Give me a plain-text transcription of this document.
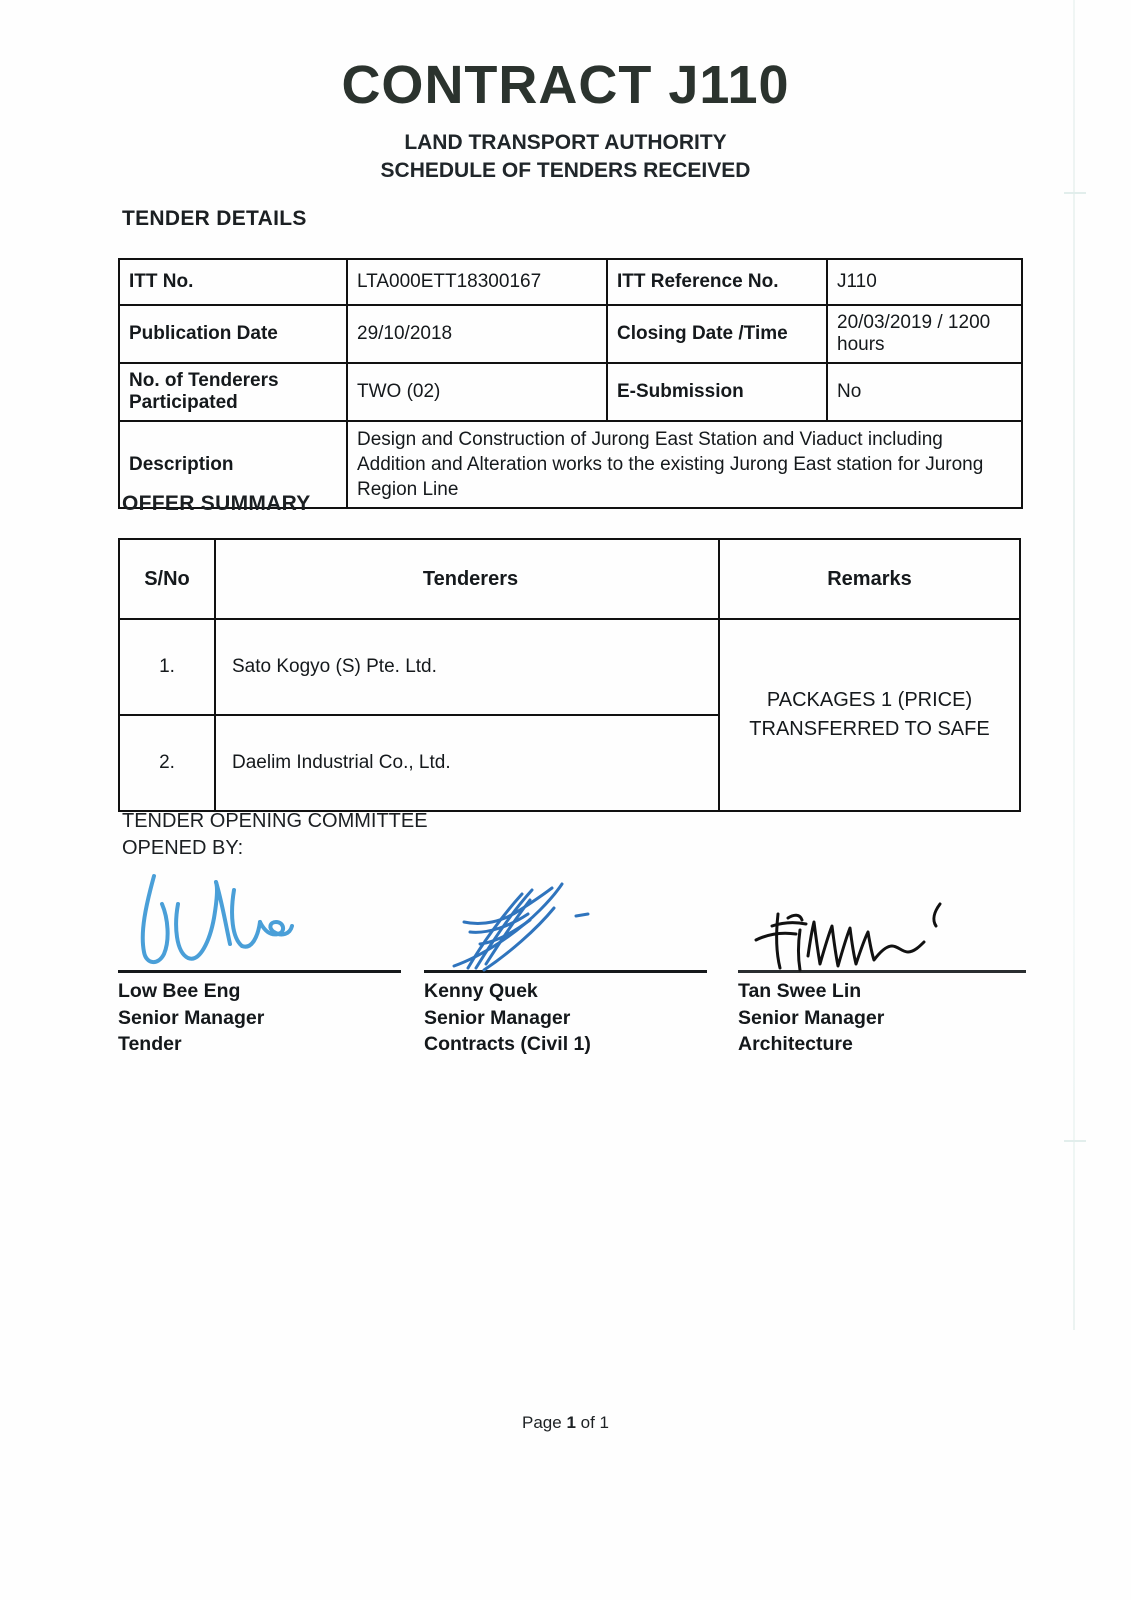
CONTRACT J110
LAND TRANSPORT AUTHORITY
SCHEDULE OF TENDERS RECEIVED
TENDER DETAILS
ITT No.	LTA000ETT18300167	ITT Reference No.	J110
Publication Date	29/10/2018	Closing Date /Time	20/03/2019 / 1200 hours
No. of Tenderers Participated	TWO (02)	E-Submission	No
Description	Design and Construction of Jurong East Station and Viaduct including Addition and Alteration works to the existing Jurong East station for Jurong Region Line		
OFFER SUMMARY
S/No	Tenderers	Remarks
1.	Sato Kogyo (S) Pte. Ltd.	PACKAGES 1 (PRICE) TRANSFERRED TO SAFE
2.	Daelim Industrial Co., Ltd.	
TENDER OPENING COMMITTEE
OPENED BY:
Low Bee Eng
Senior Manager
Tender
Kenny Quek
Senior Manager
Contracts (Civil 1)
Tan Swee Lin
Senior Manager
Architecture
Page 1 of 1
